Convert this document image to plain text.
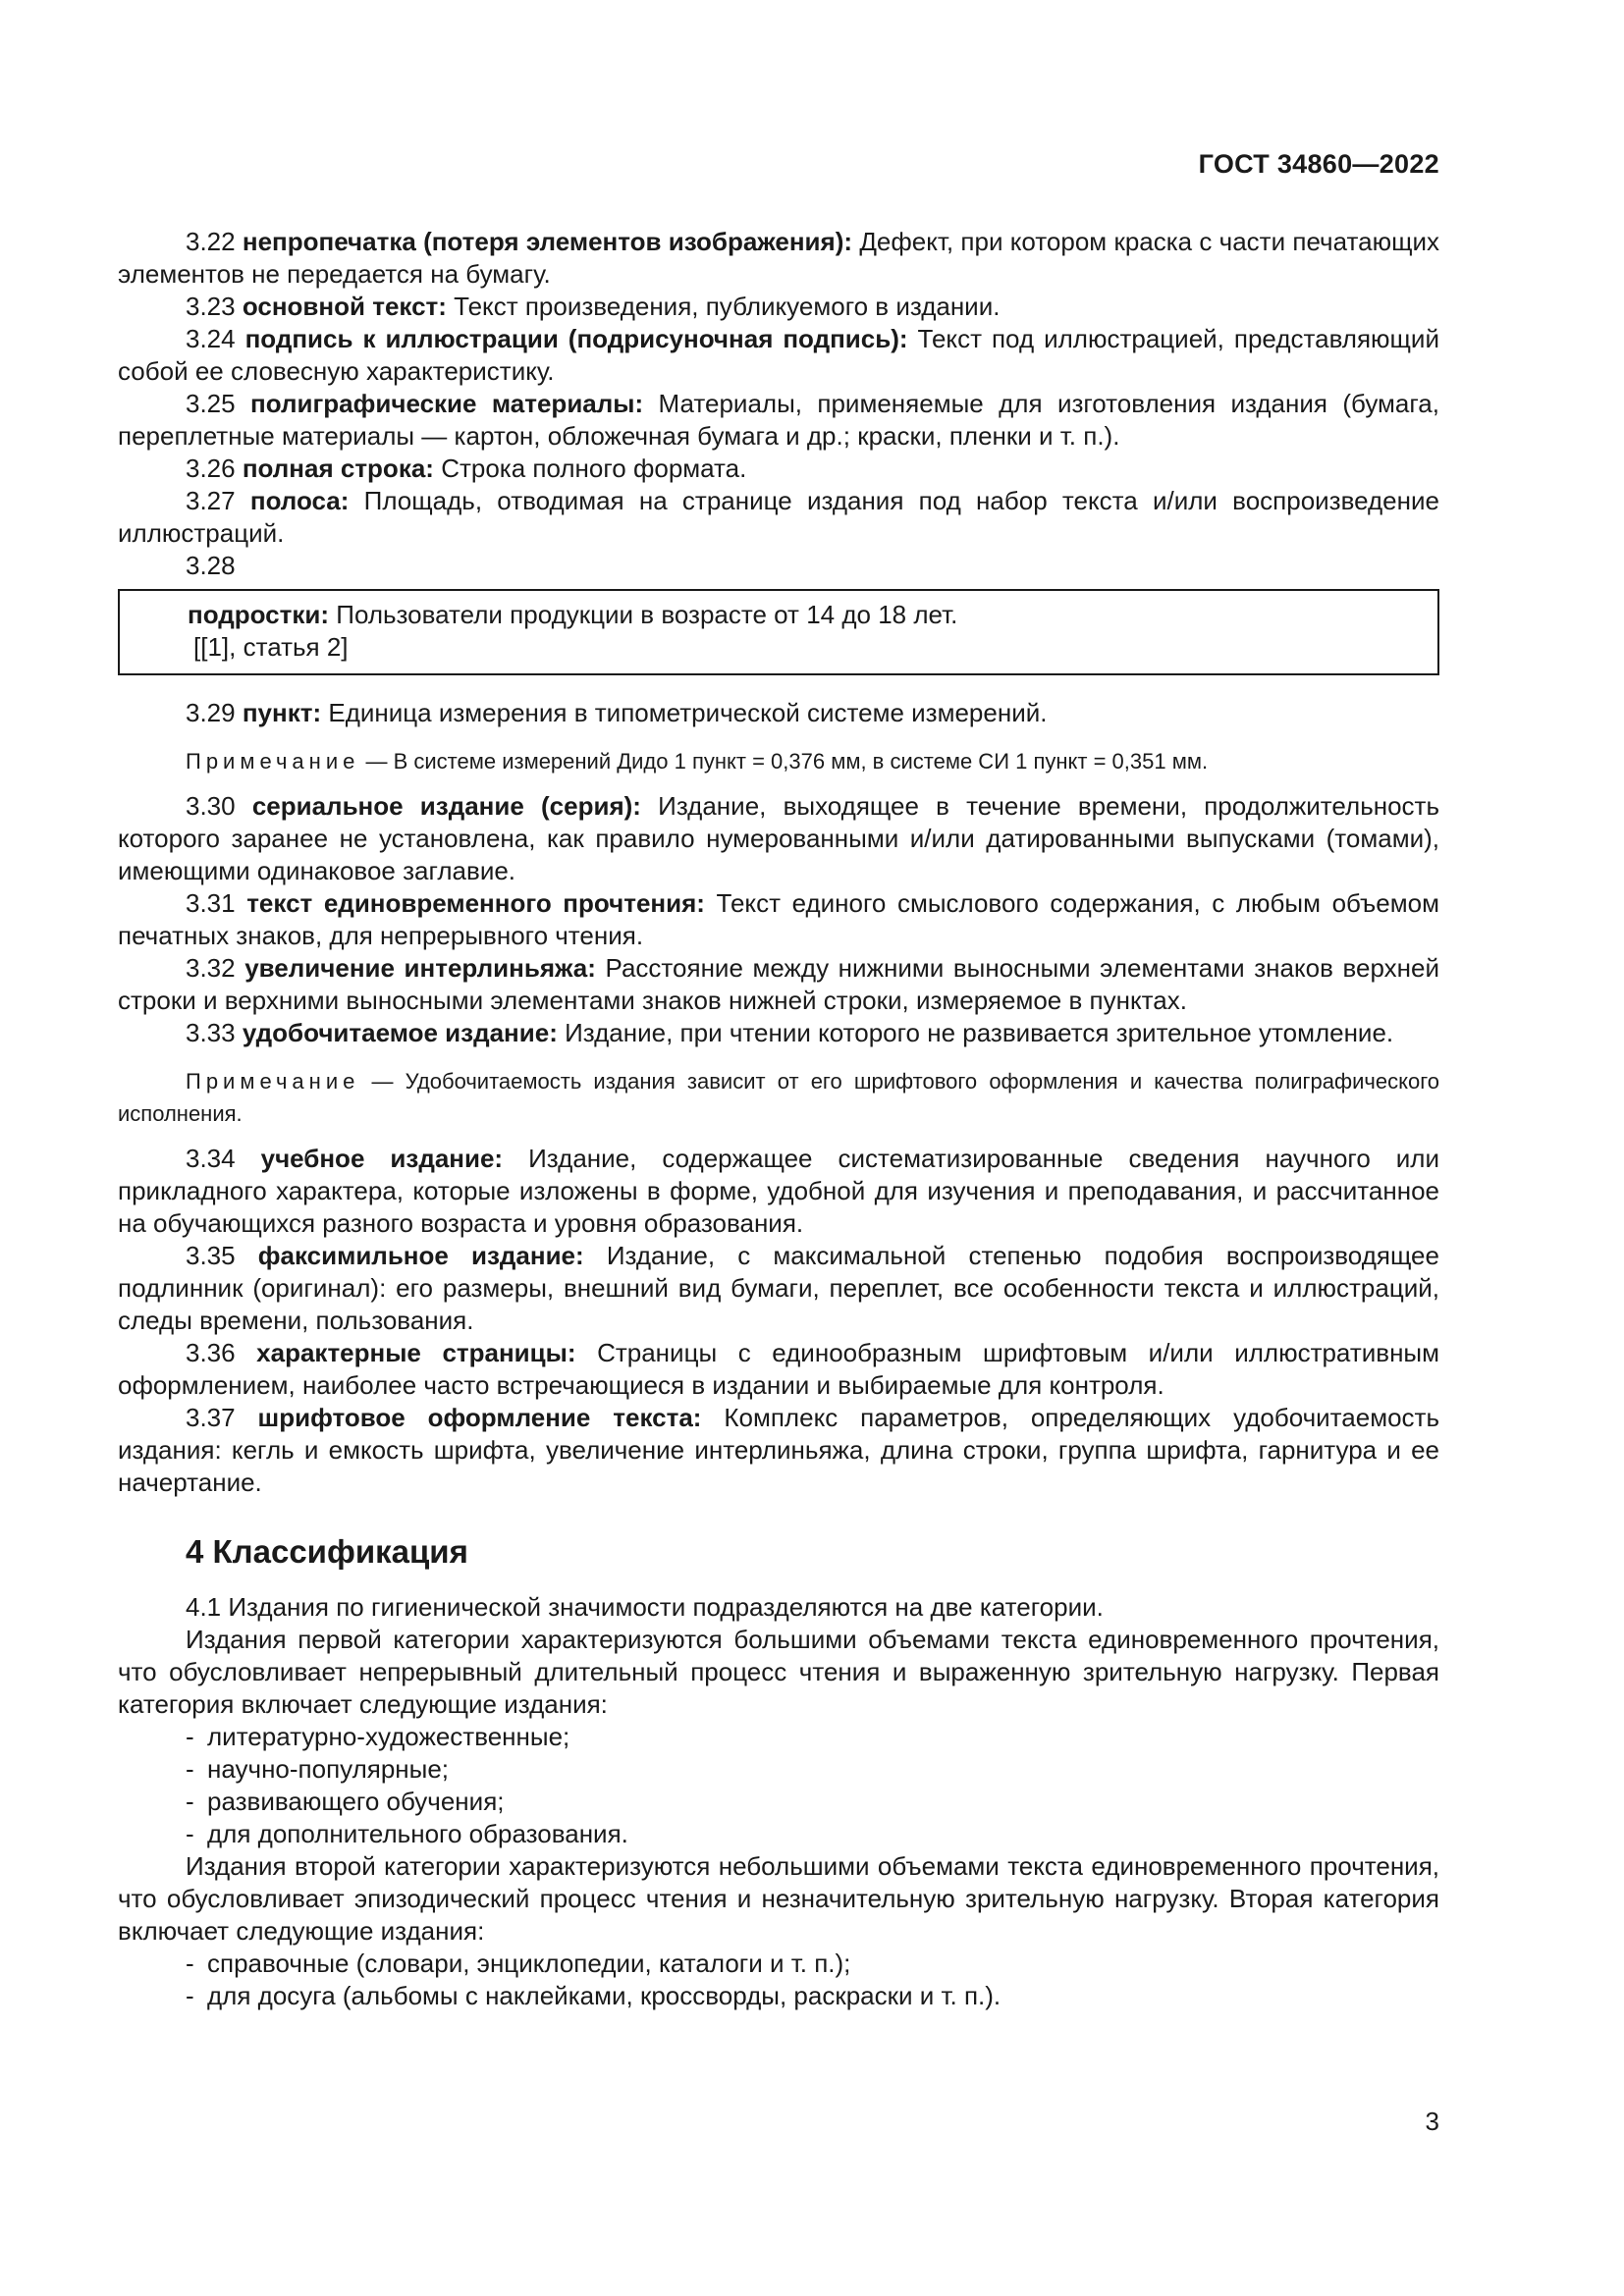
ГОСТ 34860—2022

3.22 непропечатка (потеря элементов изображения): Дефект, при котором краска с части печатающих элементов не передается на бумагу.

3.23 основной текст: Текст произведения, публикуемого в издании.

3.24 подпись к иллюстрации (подрисуночная подпись): Текст под иллюстрацией, представляющий собой ее словесную характеристику.

3.25 полиграфические материалы: Материалы, применяемые для изготовления издания (бумага, переплетные материалы — картон, обложечная бумага и др.; краски, пленки и т. п.).

3.26 полная строка: Строка полного формата.

3.27 полоса: Площадь, отводимая на странице издания под набор текста и/или воспроизведение иллюстраций.

3.28

подростки: Пользователи продукции в возрасте от 14 до 18 лет.
[[1], статья 2]

3.29 пункт: Единица измерения в типометрической системе измерений.

Примечание — В системе измерений Дидо 1 пункт = 0,376 мм, в системе СИ 1 пункт = 0,351 мм.

3.30 сериальное издание (серия): Издание, выходящее в течение времени, продолжительность которого заранее не установлена, как правило нумерованными и/или датированными выпусками (томами), имеющими одинаковое заглавие.

3.31 текст единовременного прочтения: Текст единого смыслового содержания, с любым объемом печатных знаков, для непрерывного чтения.

3.32 увеличение интерлиньяжа: Расстояние между нижними выносными элементами знаков верхней строки и верхними выносными элементами знаков нижней строки, измеряемое в пунктах.

3.33 удобочитаемое издание: Издание, при чтении которого не развивается зрительное утомление.

Примечание — Удобочитаемость издания зависит от его шрифтового оформления и качества полиграфического исполнения.

3.34 учебное издание: Издание, содержащее систематизированные сведения научного или прикладного характера, которые изложены в форме, удобной для изучения и преподавания, и рассчитанное на обучающихся разного возраста и уровня образования.

3.35 факсимильное издание: Издание, с максимальной степенью подобия воспроизводящее подлинник (оригинал): его размеры, внешний вид бумаги, переплет, все особенности текста и иллюстраций, следы времени, пользования.

3.36 характерные страницы: Страницы с единообразным шрифтовым и/или иллюстративным оформлением, наиболее часто встречающиеся в издании и выбираемые для контроля.

3.37 шрифтовое оформление текста: Комплекс параметров, определяющих удобочитаемость издания: кегль и емкость шрифта, увеличение интерлиньяжа, длина строки, группа шрифта, гарнитура и ее начертание.

4 Классификация

4.1 Издания по гигиенической значимости подразделяются на две категории.

Издания первой категории характеризуются большими объемами текста единовременного прочтения, что обусловливает непрерывный длительный процесс чтения и выраженную зрительную нагрузку. Первая категория включает следующие издания:

- литературно-художественные;

- научно-популярные;

- развивающего обучения;

- для дополнительного образования.

Издания второй категории характеризуются небольшими объемами текста единовременного прочтения, что обусловливает эпизодический процесс чтения и незначительную зрительную нагрузку. Вторая категория включает следующие издания:

- справочные (словари, энциклопедии, каталоги и т. п.);

- для досуга (альбомы с наклейками, кроссворды, раскраски и т. п.).

3
